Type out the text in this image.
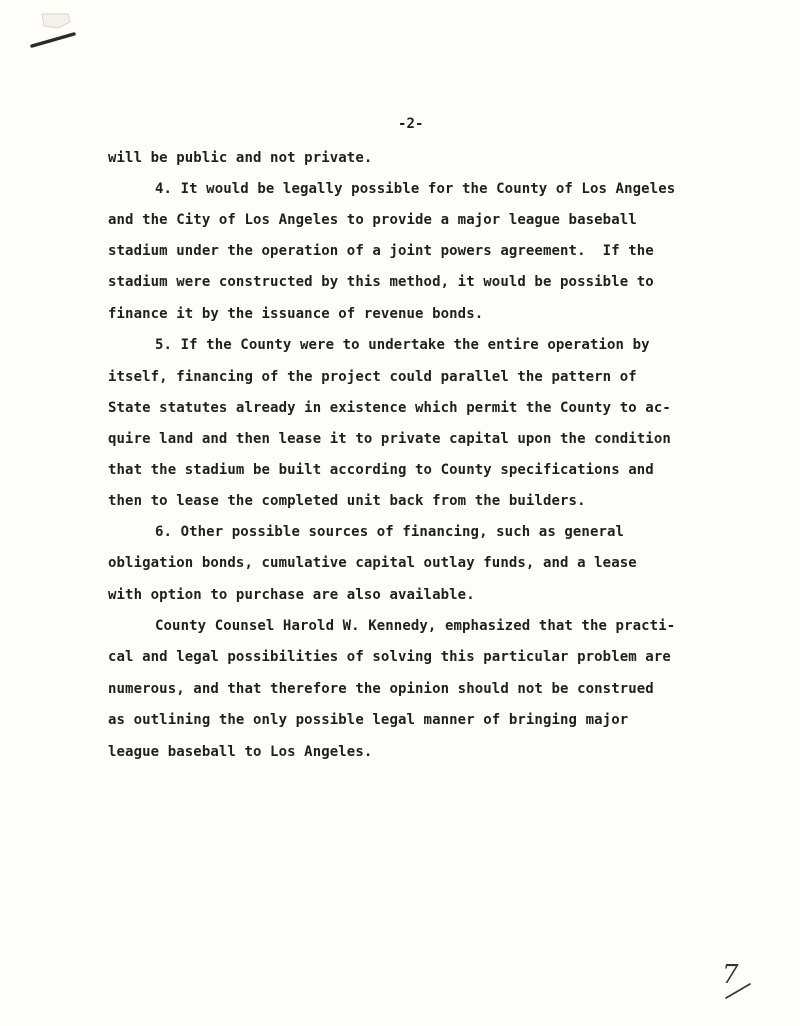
-2-
will be public and not private.
4. It would be legally possible for the County of Los Angeles
and the City of Los Angeles to provide a major league baseball
stadium under the operation of a joint powers agreement.  If the
stadium were constructed by this method, it would be possible to
finance it by the issuance of revenue bonds.
5. If the County were to undertake the entire operation by
itself, financing of the project could parallel the pattern of
State statutes already in existence which permit the County to ac-
quire land and then lease it to private capital upon the condition
that the stadium be built according to County specifications and
then to lease the completed unit back from the builders.
6. Other possible sources of financing, such as general
obligation bonds, cumulative capital outlay funds, and a lease
with option to purchase are also available.
County Counsel Harold W. Kennedy, emphasized that the practi-
cal and legal possibilities of solving this particular problem are
numerous, and that therefore the opinion should not be construed
as outlining the only possible legal manner of bringing major
league baseball to Los Angeles.
7
